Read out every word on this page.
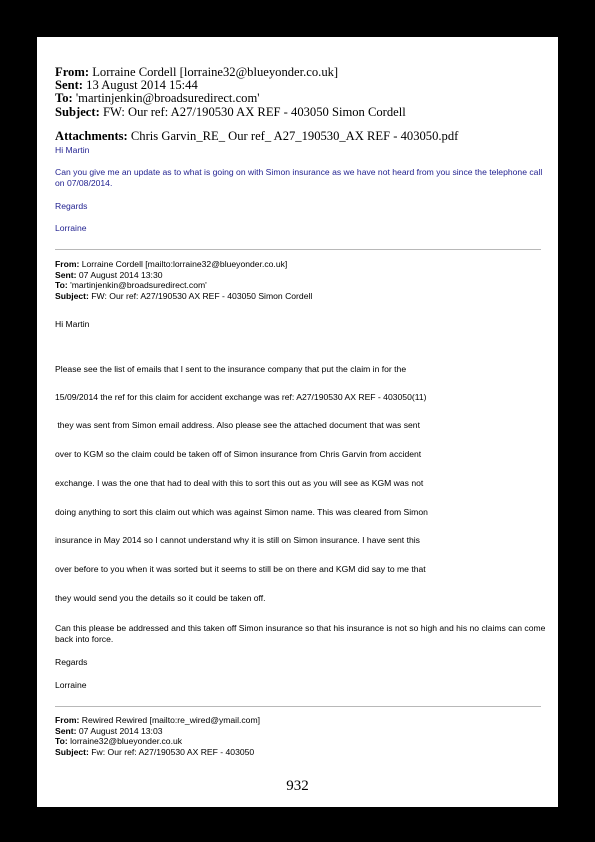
From: Lorraine Cordell [lorraine32@blueyonder.co.uk]
Sent: 13 August 2014 15:44
To: 'martinjenkin@broadsuredirect.com'
Subject: FW: Our ref: A27/190530 AX REF - 403050 Simon Cordell
Attachments: Chris Garvin_RE_ Our ref_ A27_190530_AX REF - 403050.pdf
Hi Martin
Can you give me an update as to what is going on with Simon insurance as we have not heard from you since the telephone call on 07/08/2014.
Regards
Lorraine
From: Lorraine Cordell [mailto:lorraine32@blueyonder.co.uk]
Sent: 07 August 2014 13:30
To: 'martinjenkin@broadsuredirect.com'
Subject: FW: Our ref: A27/190530 AX REF - 403050 Simon Cordell
Hi Martin
Please see the list of emails that I sent to the insurance company that put the claim in for the
15/09/2014 the ref for this claim for accident exchange was ref: A27/190530 AX REF - 403050(11)
they was sent from Simon email address. Also please see the attached document that was sent
over to KGM so the claim could be taken off of Simon insurance from Chris Garvin from accident
exchange. I was the one that had to deal with this to sort this out as you will see as KGM was not
doing anything to sort this claim out which was against Simon name. This was cleared from Simon
insurance in May 2014 so I cannot understand why it is still on Simon insurance. I have sent this
over before to you when it was sorted but it seems to still be on there and KGM did say to me that
they would send you the details so it could be taken off.
Can this please be addressed and this taken off Simon insurance so that his insurance is not so high and his no claims can come back into force.
Regards
Lorraine
From: Rewired Rewired [mailto:re_wired@ymail.com]
Sent: 07 August 2014 13:03
To: lorraine32@blueyonder.co.uk
Subject: Fw: Our ref: A27/190530 AX REF - 403050
932
